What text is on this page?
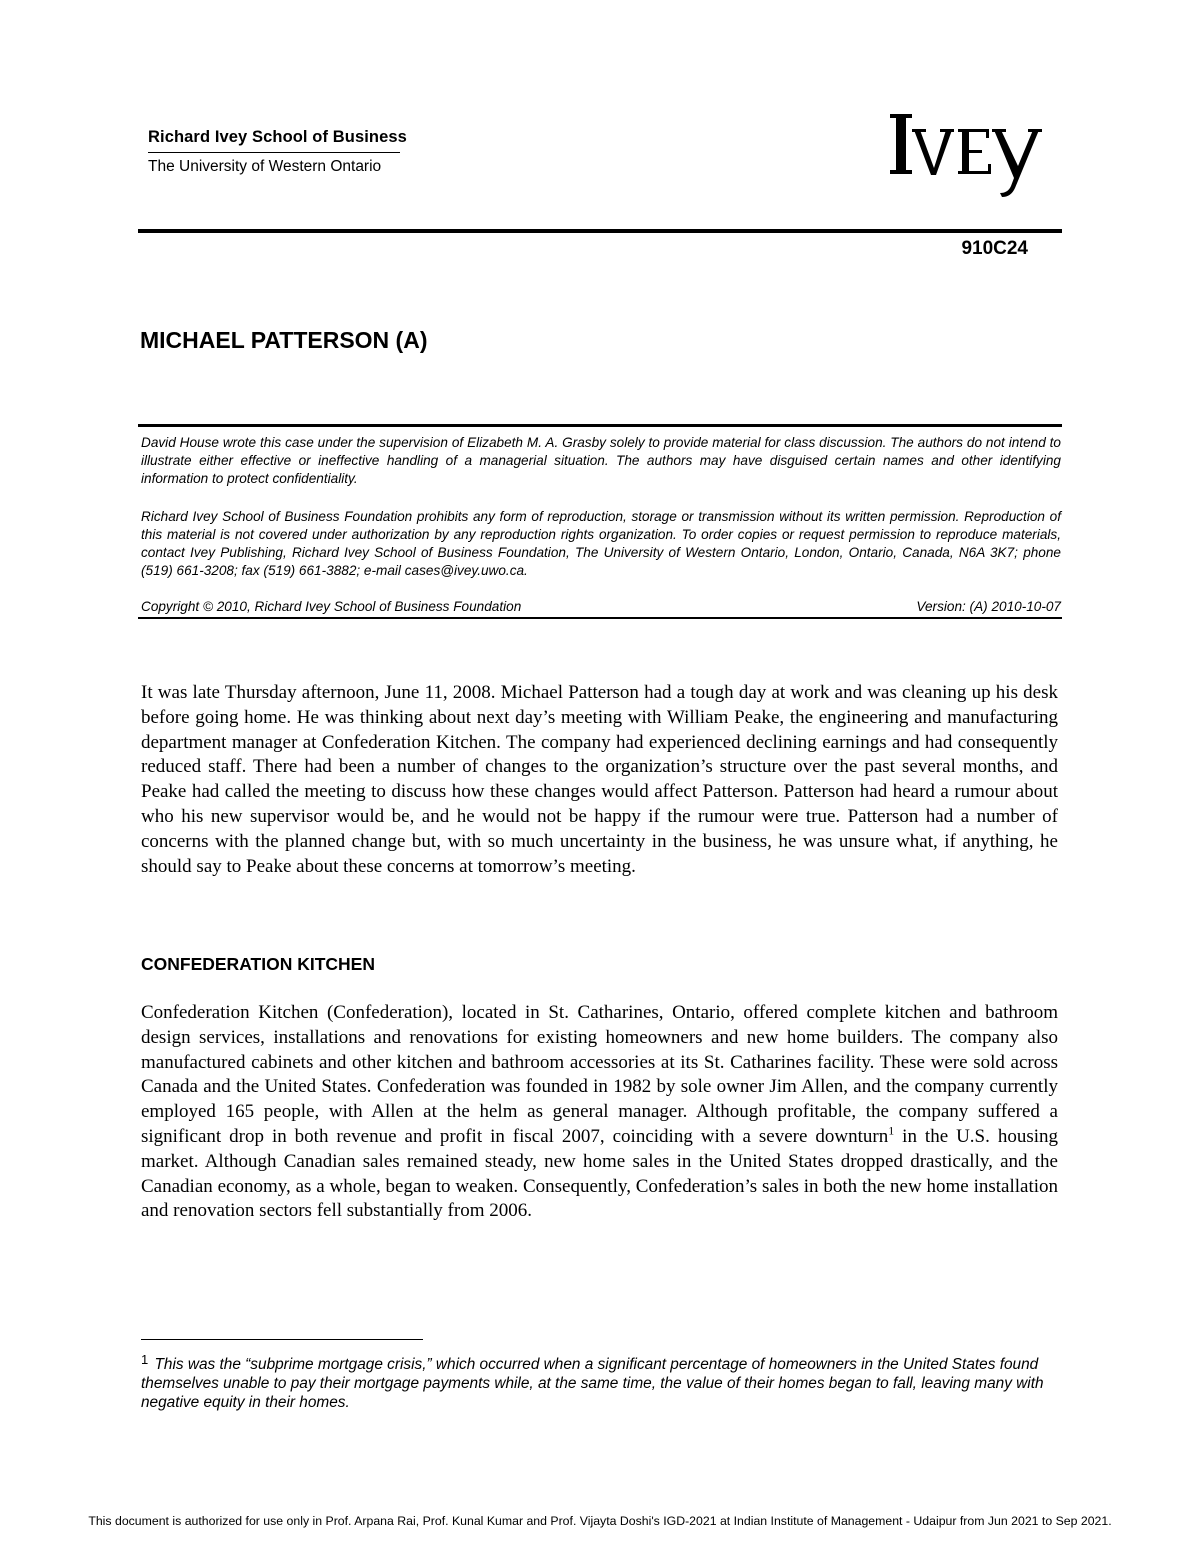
Richard Ivey School of Business
The University of Western Ontario
910C24
MICHAEL PATTERSON (A)

David House wrote this case under the supervision of Elizabeth M. A. Grasby solely to provide material for class discussion. The authors do not intend to illustrate either effective or ineffective handling of a managerial situation. The authors may have disguised certain names and other identifying information to protect confidentiality.

Richard Ivey School of Business Foundation prohibits any form of reproduction, storage or transmission without its written permission. Reproduction of this material is not covered under authorization by any reproduction rights organization. To order copies or request permission to reproduce materials, contact Ivey Publishing, Richard Ivey School of Business Foundation, The University of Western Ontario, London, Ontario, Canada, N6A 3K7; phone (519) 661-3208; fax (519) 661-3882; e-mail cases@ivey.uwo.ca.

Copyright © 2010, Richard Ivey School of Business Foundation	Version: (A) 2010-10-07

It was late Thursday afternoon, June 11, 2008. Michael Patterson had a tough day at work and was cleaning up his desk before going home. He was thinking about next day’s meeting with William Peake, the engineering and manufacturing department manager at Confederation Kitchen. The company had experienced declining earnings and had consequently reduced staff. There had been a number of changes to the organization’s structure over the past several months, and Peake had called the meeting to discuss how these changes would affect Patterson. Patterson had heard a rumour about who his new supervisor would be, and he would not be happy if the rumour were true. Patterson had a number of concerns with the planned change but, with so much uncertainty in the business, he was unsure what, if anything, he should say to Peake about these concerns at tomorrow’s meeting.

CONFEDERATION KITCHEN

Confederation Kitchen (Confederation), located in St. Catharines, Ontario, offered complete kitchen and bathroom design services, installations and renovations for existing homeowners and new home builders. The company also manufactured cabinets and other kitchen and bathroom accessories at its St. Catharines facility. These were sold across Canada and the United States. Confederation was founded in 1982 by sole owner Jim Allen, and the company currently employed 165 people, with Allen at the helm as general manager. Although profitable, the company suffered a significant drop in both revenue and profit in fiscal 2007, coinciding with a severe downturn$^1$ in the U.S. housing market. Although Canadian sales remained steady, new home sales in the United States dropped drastically, and the Canadian economy, as a whole, began to weaken. Consequently, Confederation’s sales in both the new home installation and renovation sectors fell substantially from 2006.

$^1$ This was the “subprime mortgage crisis,” which occurred when a significant percentage of homeowners in the United States found themselves unable to pay their mortgage payments while, at the same time, the value of their homes began to fall, leaving many with negative equity in their homes.

This document is authorized for use only in Prof. Arpana Rai, Prof. Kunal Kumar and Prof. Vijayta Doshi's IGD-2021 at Indian Institute of Management - Udaipur from Jun 2021 to Sep 2021.
